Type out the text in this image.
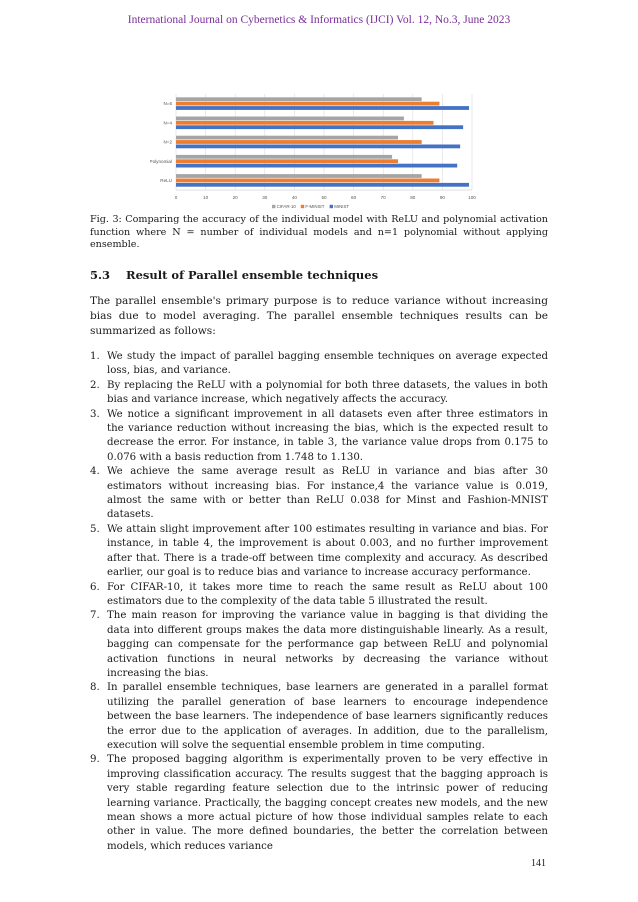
International Journal on Cybernetics & Informatics (IJCI) Vol. 12, No.3, June 2023
0	10	20	30	40	50	60	70	80	90	100
ReLU
Polynomial
N=2
N=4
N=6
CIFAR-10 F-MINIST MINIST
Fig. 3: Comparing the accuracy of the individual model with ReLU and polynomial activation function where N = number of individual models and n=1 polynomial without applying ensemble.
5.3 Result of Parallel ensemble techniques
The parallel ensemble's primary purpose is to reduce variance without increasing bias due to model averaging. The parallel ensemble techniques results can be summarized as follows:
1. We study the impact of parallel bagging ensemble techniques on average expected loss, bias, and variance.
2. By replacing the ReLU with a polynomial for both three datasets, the values in both bias and variance increase, which negatively affects the accuracy.
3. We notice a significant improvement in all datasets even after three estimators in the variance reduction without increasing the bias, which is the expected result to decrease the error. For instance, in table 3, the variance value drops from 0.175 to 0.076 with a basis reduction from 1.748 to 1.130.
4. We achieve the same average result as ReLU in variance and bias after 30 estimators without increasing bias. For instance,4 the variance value is 0.019, almost the same with or better than ReLU 0.038 for Minst and Fashion-MNIST datasets.
5. We attain slight improvement after 100 estimates resulting in variance and bias. For instance, in table 4, the improvement is about 0.003, and no further improvement after that. There is a trade-off between time complexity and accuracy. As described earlier, our goal is to reduce bias and variance to increase accuracy performance.
6. For CIFAR-10, it takes more time to reach the same result as ReLU about 100 estimators due to the complexity of the data table 5 illustrated the result.
7. The main reason for improving the variance value in bagging is that dividing the data into different groups makes the data more distinguishable linearly. As a result, bagging can compensate for the performance gap between ReLU and polynomial activation functions in neural networks by decreasing the variance without increasing the bias.
8. In parallel ensemble techniques, base learners are generated in a parallel format utilizing the parallel generation of base learners to encourage independence between the base learners. The independence of base learners significantly reduces the error due to the application of averages. In addition, due to the parallelism, execution will solve the sequential ensemble problem in time computing.
9. The proposed bagging algorithm is experimentally proven to be very effective in improving classification accuracy. The results suggest that the bagging approach is very stable regarding feature selection due to the intrinsic power of reducing learning variance. Practically, the bagging concept creates new models, and the new mean shows a more actual picture of how those individual samples relate to each other in value. The more defined boundaries, the better the correlation between models, which reduces variance
141
